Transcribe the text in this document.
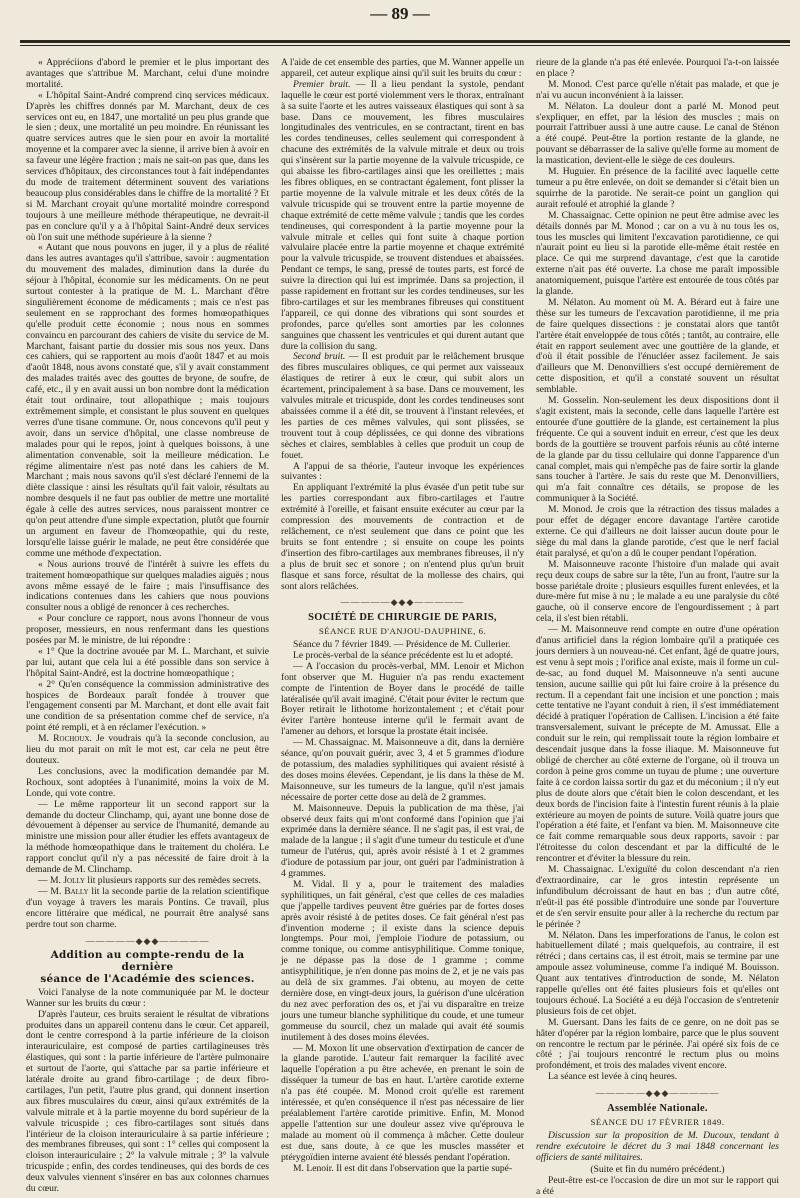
— 89 —

« Appréciions d'abord le premier et le plus important des avantages que s'attribue M. Marchant, celui d'une moindre mortalité.

« L'hôpital Saint-André comprend cinq services médicaux. D'après les chiffres donnés par M. Marchant, deux de ces services ont eu, en 1847, une mortalité un peu plus grande que le sien ; deux, une mortalité un peu moindre. En réunissant les quatre services autres que le sien pour en avoir la mortalité moyenne et la comparer avec la sienne, il arrive bien à avoir en sa faveur une légère fraction ; mais ne sait-on pas que, dans les services d'hôpitaux, des circonstances tout à fait indépendantes du mode de traitement déterminent souvent des variations beaucoup plus considérables dans le chiffre de la mortalité ? Et si M. Marchant croyait qu'une mortalité moindre correspond toujours à une meilleure méthode thérapeutique, ne devrait-il pas en conclure qu'il y a à l'hôpital Saint-André deux services où l'on suit une méthode supérieure à la sienne ?

« Autant que nous pouvons en juger, il y a plus de réalité dans les autres avantages qu'il s'attribue, savoir : augmentation du mouvement des malades, diminution dans la durée du séjour à l'hôpital, économie sur les médicaments. On ne peut surtout contester à la pratique de M. L. Marchant d'être singulièrement économe de médicaments ; mais ce n'est pas seulement en se rapprochant des formes homœopathiques qu'elle produit cette économie ; nous nous en sommes convaincu en parcourant des cahiers de visite du service de M. Marchant, faisant partie du dossier mis sous nos yeux. Dans ces cahiers, qui se rapportent au mois d'août 1847 et au mois d'août 1848, nous avons constaté que, s'il y avait constamment des malades traités avec des gouttes de bryone, de soufre, de café, etc., il y en avait aussi un bon nombre dont la médication était tout ordinaire, tout allopathique ; mais toujours extrêmement simple, et consistant le plus souvent en quelques verres d'une tisane commune. Or, nous concevons qu'il peut y avoir, dans un service d'hôpital, une classe nombreuse de malades pour qui le repos, joint à quelques boissons, à une alimentation convenable, soit la meilleure médication. Le régime alimentaire n'est pas noté dans les cahiers de M. Marchant ; mais nous savons qu'il s'est déclaré l'ennemi de la diète classique : ainsi les résultats qu'il fait valoir, résultats au nombre desquels il ne faut pas oublier de mettre une mortalité égale à celle des autres services, nous paraissent montrer ce qu'on peut attendre d'une simple expectation, plutôt que fournir un argument en faveur de l'homœopathie, qui du reste, lorsqu'elle laisse guérir le malade, ne peut être considérée que comme une méthode d'expectation.

« Nous aurions trouvé de l'intérêt à suivre les effets du traitement homœopathique sur quelques maladies aiguës ; nous avons même essayé de le faire ; mais l'insuffisance des indications contenues dans les cahiers que nous pouvions consulter nous a obligé de renoncer à ces recherches.

« Pour conclure ce rapport, nous avons l'honneur de vous proposer, messieurs, en nous renfermant dans les questions posées par M. le ministre, de lui répondre :

« 1° Que la doctrine avouée par M. L. Marchant, et suivie par lui, autant que cela lui a été possible dans son service à l'hôpital Saint-André, est la doctrine homœopathique ;

« 2° Qu'en conséquence la commission administrative des hospices de Bordeaux paraît fondée à trouver que l'engagement consenti par M. Marchant, et dont elle avait fait une condition de sa présentation comme chef de service, n'a point été rempli, et à en réclamer l'exécution. »

M. Rochoux. Je voudrais qu'à la seconde conclusion, au lieu du mot parait on mît le mot est, car cela ne peut être douteux.

Les conclusions, avec la modification demandée par M. Rochoux, sont adoptées à l'unanimité, moins la voix de M. Londe, qui vote contre.

— Le même rapporteur lit un second rapport sur la demande du docteur Clinchamp, qui, ayant une bonne dose de dévouement à dépenser au service de l'humanité, demande au ministre une mission pour aller étudier les effets avantageux de la méthode homœopathique dans le traitement du choléra. Le rapport conclut qu'il n'y a pas nécessité de faire droit à la demande de M. Clinchamp.

— M. Jolly lit plusieurs rapports sur des remèdes secrets.

— M. Bally lit la seconde partie de la relation scientifique d'un voyage à travers les marais Pontins. Ce travail, plus encore littéraire que médical, ne pourrait être analysé sans perdre tout son charme.

—————◆◆◆—————
Addition au compte-rendu de la dernière
séance de l'Académie des sciences.

Voici l'analyse de la note communiquée par M. le docteur Wanner sur les bruits du cœur :

D'après l'auteur, ces bruits seraient le résultat de vibrations produites dans un appareil contenu dans le cœur. Cet appareil, dont le centre correspond à la partie inférieure de la cloison interauriculaire, est composé de parties cartilagineuses très élastiques, qui sont : la partie inférieure de l'artère pulmonaire et surtout de l'aorte, qui s'attache par sa partie inférieure et latérale droite au grand fibro-cartilage ; de deux fibro-cartilages, l'un petit, l'autre plus grand, qui donnent insertion aux fibres musculaires du cœur, ainsi qu'aux extrémités de la valvule mitrale et à la partie moyenne du bord supérieur de la valvule tricuspide ; ces fibro-cartilages sont situés dans l'intérieur de la cloison interauriculaire à sa partie inférieure ; des membranes fibreuses, qui sont : 1° celles qui composent la cloison interauriculaire ; 2° la valvule mitrale ; 3° la valvule tricuspide ; enfin, des cordes tendineuses, qui des bords de ces deux valvules viennent s'insérer en bas aux colonnes charnues du cœur.

A l'aide de cet ensemble des parties, que M. Wanner appelle un appareil, cet auteur explique ainsi qu'il suit les bruits du cœur :

Premier bruit. — Il a lieu pendant la systole, pendant laquelle le cœur est porté violemment vers le thorax, entraînant à sa suite l'aorte et les autres vaisseaux élastiques qui sont à sa base. Dans ce mouvement, les fibres musculaires longitudinales des ventricules, en se contractant, tirent en bas les cordes tendineuses, celles seulement qui correspondent à chacune des extrémités de la valvule mitrale et deux ou trois qui s'insèrent sur la partie moyenne de la valvule tricuspide, ce qui abaisse les fibro-cartilages ainsi que les oreillettes ; mais les fibres obliques, en se contractant également, font plisser la partie moyenne de la valvule mitrale et les deux côtés de la valvule tricuspide qui se trouvent entre la partie moyenne de chaque extrémité de cette même valvule ; tandis que les cordes tendineuses, qui correspondent à la partie moyenne pour la valvule mitrale et celles qui font suite à chaque portion valvulaire placée entre la partie moyenne et chaque extrémité pour la valvule tricuspide, se trouvent distendues et abaissées. Pendant ce temps, le sang, pressé de toutes parts, est forcé de suivre la direction qui lui est imprimée. Dans sa projection, il passe rapidement en frottant sur les cordes tendineuses, sur les fibro-cartilages et sur les membranes fibreuses qui constituent l'appareil, ce qui donne des vibrations qui sont sourdes et profondes, parce qu'elles sont amorties par les colonnes sanguines que chassent les ventricules et qui durent autant que dure la collision du sang.

Second bruit. — Il est produit par le relâchement brusque des fibres musculaires obliques, ce qui permet aux vaisseaux élastiques de retirer à eux le cœur, qui subit alors un écartement, principalement à sa base. Dans ce mouvement, les valvules mitrale et tricuspide, dont les cordes tendineuses sont abaissées comme il a été dit, se trouvent à l'instant relevées, et les parties de ces mêmes valvules, qui sont plissées, se trouvent tout à coup déplissées, ce qui donne des vibrations sèches et claires, semblables à celles que produit un coup de fouet.

A l'appui de sa théorie, l'auteur invoque les expériences suivantes :

En appliquant l'extrémité la plus évasée d'un petit tube sur les parties correspondant aux fibro-cartilages et l'autre extrémité à l'oreille, et faisant ensuite exécuter au cœur par la compression des mouvements de contraction et de relâchement, ce n'est seulement que dans ce point que les bruits se font entendre ; si ensuite on coupe les points d'insertion des fibro-cartilages aux membranes fibreuses, il n'y a plus de bruit sec et sonore ; on n'entend plus qu'un bruit flasque et sans force, résultat de la mollesse des chairs, qui sont alors relâchées.

—————◆◆◆—————
SOCIÉTÉ DE CHIRURGIE DE PARIS,
SÉANCE RUE D'ANJOU-DAUPHINE, 6.

Séance du 7 février 1849. — Présidence de M. Cullerier.

Le procès-verbal de la séance précédente est lu et adopté.

— A l'occasion du procès-verbal, MM. Lenoir et Michon font observer que M. Huguier n'a pas rendu exactement compte de l'intention de Boyer dans le procédé de taille latéralisée qu'il avait imaginé. C'était pour éviter le rectum que Boyer retirait le lithotome horizontalement ; et c'était pour éviter l'artère honteuse interne qu'il le fermait avant de l'amener au dehors, et lorsque la prostate était incisée.

— M. Chassaignac. M. Maisonneuve a dit, dans la dernière séance, qu'on pouvait guérir, avec 3, 4 et 5 grammes d'iodure de potassium, des maladies syphilitiques qui avaient résisté à des doses moins élevées. Cependant, je lis dans la thèse de M. Maisonneuve, sur les tumeurs de la langue, qu'il n'est jamais nécessaire de porter cette dose au delà de 2 grammes.

M. Maisonneuve. Depuis la publication de ma thèse, j'ai observé deux faits qui m'ont conformé dans l'opinion que j'ai exprimée dans la dernière séance. Il ne s'agit pas, il est vrai, de malade de la langue ; il s'agit d'une tumeur du testicule et d'une tumeur de l'utérus, qui, après avoir résisté à 1 et 2 grammes d'iodure de potassium par jour, ont guéri par l'administration à 4 grammes.

M. Vidal. Il y a, pour le traitement des maladies syphilitiques, un fait général, c'est que celles de ces maladies que j'appelle tardives peuvent être guéries par de fortes doses après avoir résisté à de petites doses. Ce fait général n'est pas d'invention moderne ; il existe dans la science depuis longtemps. Pour moi, j'emploie l'iodure de potassium, ou comme tonique, ou comme antisyphilitique. Comme tonique, je ne dépasse pas la dose de 1 gramme ; comme antisyphilitique, je n'en donne pas moins de 2, et je ne vais pas au delà de six grammes. J'ai obtenu, au moyen de cette dernière dose, en vingt-deux jours, la guérison d'une ulcération du nez avec perforation des os, et j'ai vu disparaître en treize jours une tumeur blanche syphilitique du coude, et une tumeur gommeuse du sourcil, chez un malade qui avait été soumis inutilement à des doses moins élevées.

— M. Moxon lit une observation d'extirpation de cancer de la glande parotide. L'auteur fait remarquer la facilité avec laquelle l'opération a pu être achevée, en prenant le soin de disséquer la tumeur de bas en haut. L'artère carotide externe n'a pas été coupée. M. Monod croit qu'elle est rarement intéressée, et qu'en conséquence il n'est pas nécessaire de lier préalablement l'artère carotide primitive. Enfin, M. Monod appelle l'attention sur une douleur assez vive qu'éprouva le malade au moment où il commença à mâcher. Cette douleur est due, sans doute, à ce que les muscles masséter et ptérygoïdien interne avaient été blessés pendant l'opération.

M. Lenoir. Il est dit dans l'observation que la partie supé-

rieure de la glande n'a pas été enlevée. Pourquoi l'a-t-on laissée en place ?

M. Monod. C'est parce qu'elle n'était pas malade, et que je n'ai vu aucun inconvénient à la laisser.

M. Nélaton. La douleur dont a parlé M. Monod peut s'expliquer, en effet, par la lésion des muscles ; mais on pourrait l'attribuer aussi à une autre cause. Le canal de Sténon a été coupé. Peut-être la portion restante de la glande, ne pouvant se débarrasser de la salive qu'elle forme au moment de la mastication, devient-elle le siège de ces douleurs.

M. Huguier. En présence de la facilité avec laquelle cette tumeur a pu être enlevée, on doit se demander si c'était bien un squirrhe de la parotide. Ne serait-ce point un ganglion qui aurait refoulé et atrophié la glande ?

M. Chassaignac. Cette opinion ne peut être admise avec les détails donnés par M. Monod ; car on a vu à nu tous les os, tous les muscles qui limitent l'excavation parotidienne, ce qui n'aurait point eu lieu si la parotide elle-même était restée en place. Ce qui me surprend davantage, c'est que la carotide externe n'ait pas été ouverte. La chose me paraît impossible anatomiquement, puisque l'artère est entourée de tous côtés par la glande.

M. Nélaton. Au moment où M. A. Bérard eut à faire une thèse sur les tumeurs de l'excavation parotidienne, il me pria de faire quelques dissections : je constatai alors que tantôt l'artère était enveloppée de tous côtés ; tantôt, au contraire, elle était en rapport seulement avec une gouttière de la glande, et d'où il était possible de l'énucléer assez facilement. Je sais d'ailleurs que M. Denonvilliers s'est occupé dernièrement de cette disposition, et qu'il a constaté souvent un résultat semblable.

M. Gosselin. Non-seulement les deux dispositions dont il s'agit existent, mais la seconde, celle dans laquelle l'artère est entourée d'une gouttière de la glande, est certainement la plus fréquente. Ce qui a souvent induit en erreur, c'est que les deux bords de la gouttière se trouvent parfois réunis au côté interne de la glande par du tissu cellulaire qui donne l'apparence d'un canal complet, mais qui n'empêche pas de faire sortir la glande sans toucher à l'artère. Je sais du reste que M. Denonvilliers, qui m'a fait connaître ces détails, se propose de les communiquer à la Société.

M. Monod. Je crois que la rétraction des tissus malades a pour effet de dégager encore davantage l'artère carotide externe. Ce qui d'ailleurs ne doit laisser aucun doute pour le siège du mal dans la glande parotide, c'est que le nerf facial était paralysé, et qu'on a dû le couper pendant l'opération.

M. Maisonneuve raconte l'histoire d'un malade qui avait reçu deux coups de sabre sur la tête, l'un au front, l'autre sur la bosse pariétale droite ; plusieurs esquilles furent enlevées, et la dure-mère fut mise à nu ; le malade a eu une paralysie du côté gauche, où il conserve encore de l'engourdissement ; à part cela, il s'est bien rétabli.

— M. Maisonneuve rend compte en outre d'une opération d'anus artificiel dans la région lombaire qu'il a pratiquée ces jours derniers à un nouveau-né. Cet enfant, âgé de quatre jours, est venu à sept mois ; l'orifice anal existe, mais il forme un cul-de-sac, au fond duquel M. Maisonneuve n'a senti aucune tension, aucune saillie qui pût lui faire croire à la présence du rectum. Il a cependant fait une incision et une ponction ; mais cette tentative ne l'ayant conduit à rien, il s'est immédiatement décidé à pratiquer l'opération de Callisen. L'incision a été faite transversalement, suivant le précepte de M. Amussat. Elle a conduit sur le rein, qui remplissait toute la région lombaire et descendait jusque dans la fosse iliaque. M. Maisonneuve fut obligé de chercher au côté externe de l'organe, où il trouva un cordon à peine gros comme un tuyau de plume ; une ouverture faite à ce cordon laissa sortir du gaz et du méconium ; il n'y eut plus de doute alors que c'était bien le colon descendant, et les deux bords de l'incision faite à l'intestin furent réunis à la plaie extérieure au moyen de points de suture. Voilà quatre jours que l'opération a été faite, et l'enfant va bien. M. Maisonneuve cite ce fait comme remarquable sous deux rapports, savoir : par l'étroitesse du colon descendant et par la difficulté de le rencontrer et d'éviter la blessure du rein.

M. Chassaignac. L'exiguïté du colon descendant n'a rien d'extraordinaire, car le gros intestin représente un infundibulum décroissant de haut en bas ; d'un autre côté, n'eût-il pas été possible d'introduire une sonde par l'ouverture et de s'en servir ensuite pour aller à la recherche du rectum par le périnée ?

M. Nélaton. Dans les imperforations de l'anus, le colon est habituellement dilaté ; mais quelquefois, au contraire, il est rétréci ; dans certains cas, il est étroit, mais se termine par une ampoule assez volumineuse, comme l'a indiqué M. Bouisson. Quant aux tentatives d'introduction de sonde, M. Nélaton rappelle qu'elles ont été faites plusieurs fois et qu'elles ont toujours échoué. La Société a eu déjà l'occasion de s'entretenir plusieurs fois de cet objet.

M. Guersant. Dans les faits de ce genre, on ne doit pas se hâter d'opérer par la région lombaire, parce que le plus souvent on rencontre le rectum par le périnée. J'ai opéré six fois de ce côté ; j'ai toujours rencontré le rectum plus ou moins profondément, et trois des malades vivent encore.

La séance est levée à cinq heures.

—————◆◆◆—————
Assemblée Nationale.
SÉANCE DU 17 FÉVRIER 1849.

Discussion sur la proposition de M. Ducoux, tendant à rendre exécutoire le décret du 3 mai 1848 concernant les officiers de santé militaires.

(Suite et fin du numéro précédent.)

Peut-être est-ce l'occasion de dire un mot sur le rapport qui a été
